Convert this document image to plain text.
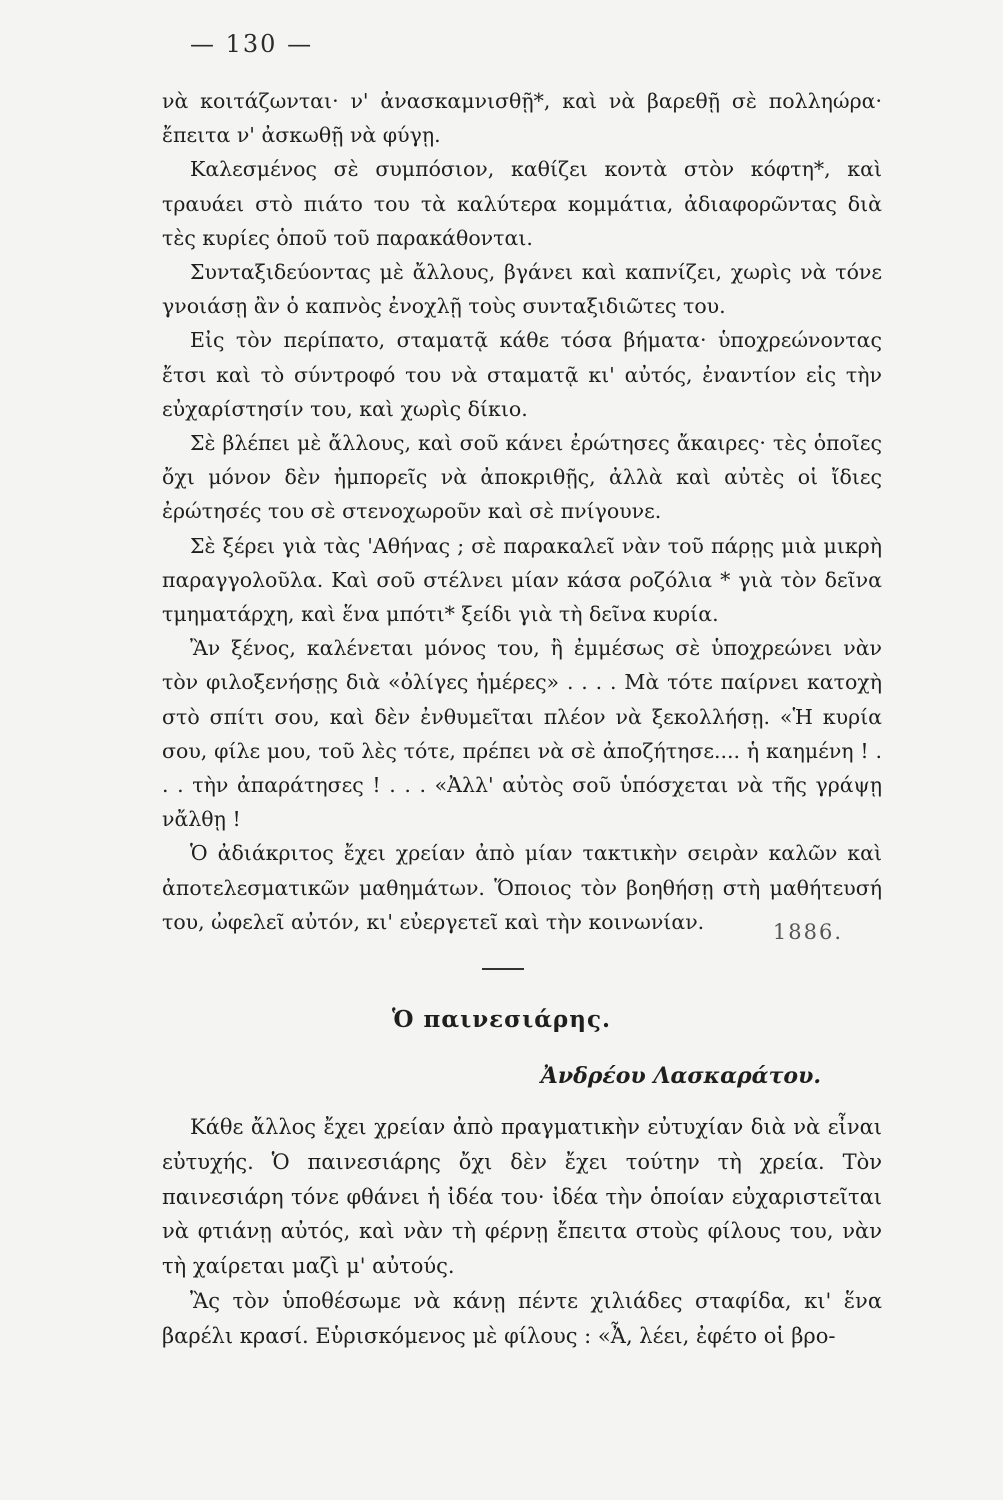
— 130 —

νὰ κοιτάζωνται· ν' ἀνασκαμνισθῇ*, καὶ νὰ βαρεθῇ σὲ πολληώρα· ἔπειτα ν' ἀσκωθῇ νὰ φύγῃ.

Καλεσμένος σὲ συμπόσιον, καθίζει κοντὰ στὸν κόφτη*, καὶ τραυάει στὸ πιάτο του τὰ καλύτερα κομμάτια, ἀδιαφορῶντας διὰ τὲς κυρίες ὁποῦ τοῦ παρακάθονται.

Συνταξιδεύοντας μὲ ἄλλους, βγάνει καὶ καπνίζει, χωρὶς νὰ τόνε γνοιάσῃ ἂν ὁ καπνὸς ἐνοχλῇ τοὺς συνταξιδιῶτες του.

Εἰς τὸν περίπατο, σταματᾷ κάθε τόσα βήματα· ὑποχρεώνοντας ἔτσι καὶ τὸ σύντροφό του νὰ σταματᾷ κι' αὐτός, ἐναντίον εἰς τὴν εὐχαρίστησίν του, καὶ χωρὶς δίκιο.

Σὲ βλέπει μὲ ἄλλους, καὶ σοῦ κάνει ἐρώτησες ἄκαιρες· τὲς ὁποῖες ὄχι μόνον δὲν ἠμπορεῖς νὰ ἀποκριθῇς, ἀλλὰ καὶ αὐτὲς οἱ ἴδιες ἐρώτησές του σὲ στενοχωροῦν καὶ σὲ πνίγουνε.

Σὲ ξέρει γιὰ τὰς 'Αθήνας ; σὲ παρακαλεῖ νὰν τοῦ πάρῃς μιὰ μικρὴ παραγγολοῦλα. Καὶ σοῦ στέλνει μίαν κάσα ροζόλια * γιὰ τὸν δεῖνα τμηματάρχη, καὶ ἕνα μπότι* ξείδι γιὰ τὴ δεῖνα κυρία.

Ἂν ξένος, καλένεται μόνος του, ἢ ἐμμέσως σὲ ὑποχρεώνει νὰν τὸν φιλοξενήσῃς διὰ «ὀλίγες ἡμέρες» . . . . Μὰ τότε παίρνει κατοχὴ στὸ σπίτι σου, καὶ δὲν ἐνθυμεῖται πλέον νὰ ξεκολλήσῃ. «Ἡ κυρία σου, φίλε μου, τοῦ λὲς τότε, πρέπει νὰ σὲ ἀποζήτησε.... ἡ καημένη ! . . . τὴν ἀπαράτησες ! . . . «Ἀλλ' αὐτὸς σοῦ ὑπόσχεται νὰ τῆς γράψῃ νἄλθῃ !

Ὁ ἀδιάκριτος ἔχει χρείαν ἀπὸ μίαν τακτικὴν σειρὰν καλῶν καὶ ἀποτελεσματικῶν μαθημάτων. Ὅποιος τὸν βοηθήσῃ στὴ μαθήτευσή του, ὠφελεῖ αὐτόν, κι' εὐεργετεῖ καὶ τὴν κοινωνίαν.	1886.
Ὁ παινεσιάρης.
Ἀνδρέου Λασκαράτου.

Κάθε ἄλλος ἔχει χρείαν ἀπὸ πραγματικὴν εὐτυχίαν διὰ νὰ εἶναι εὐτυχής. Ὁ παινεσιάρης ὄχι δὲν ἔχει τούτην τὴ χρεία. Τὸν παινεσιάρη τόνε φθάνει ἡ ἰδέα του· ἰδέα τὴν ὁποίαν εὐχαριστεῖται νὰ φτιάνῃ αὐτός, καὶ νὰν τὴ φέρνῃ ἔπειτα στοὺς φίλους του, νὰν τὴ χαίρεται μαζὶ μ' αὐτούς.

Ἂς τὸν ὑποθέσωμε νὰ κάνῃ πέντε χιλιάδες σταφίδα, κι' ἕνα βαρέλι κρασί. Εὑρισκόμενος μὲ φίλους : «Ἆ, λέει, ἐφέτο οἱ βρο-
